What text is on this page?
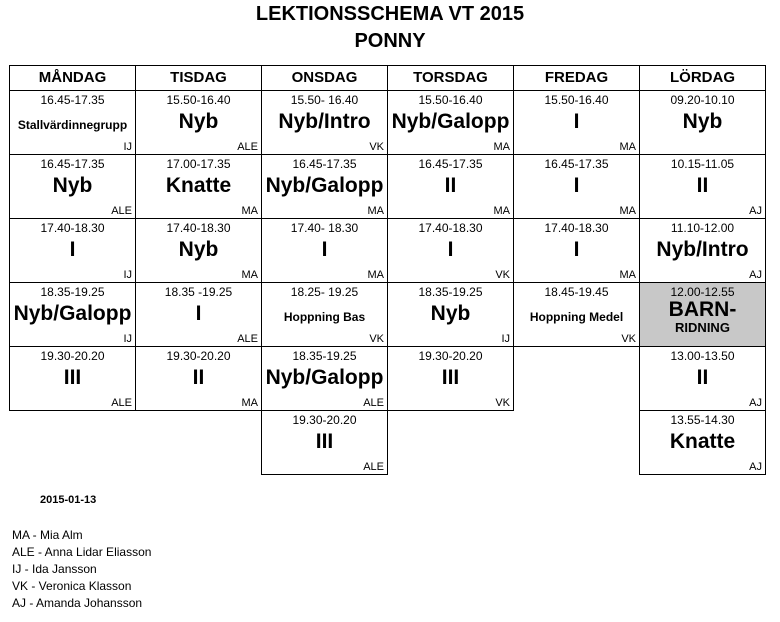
LEKTIONSSCHEMA VT 2015
PONNY
MÅNDAG
16.45-17.35
Stallvärdinnegrupp
IJ
16.45-17.35
Nyb
ALE
17.40-18.30
I
IJ
18.35-19.25
Nyb/Galopp
IJ
19.30-20.20
III
ALE
TISDAG
15.50-16.40
Nyb
ALE
17.00-17.35
Knatte
MA
17.40-18.30
Nyb
MA
18.35 -19.25
I
ALE
19.30-20.20
II
MA
ONSDAG
15.50- 16.40
Nyb/Intro
VK
16.45-17.35
Nyb/Galopp
MA
17.40- 18.30
I
MA
18.25- 19.25
Hoppning Bas
VK
18.35-19.25
Nyb/Galopp
ALE
19.30-20.20
III
ALE
TORSDAG
15.50-16.40
Nyb/Galopp
MA
16.45-17.35
II
MA
17.40-18.30
I
VK
18.35-19.25
Nyb
IJ
19.30-20.20
III
VK
FREDAG
15.50-16.40
I
MA
16.45-17.35
I
MA
17.40-18.30
I
MA
18.45-19.45
Hoppning Medel
VK
LÖRDAG
09.20-10.10
Nyb
10.15-11.05
II
AJ
11.10-12.00
Nyb/Intro
AJ
12.00-12.55
BARN-
RIDNING
13.00-13.50
II
AJ
13.55-14.30
Knatte
AJ
2015-01-13
MA - Mia Alm
ALE - Anna Lidar Eliasson
IJ - Ida Jansson
VK - Veronica Klasson
AJ - Amanda Johansson
